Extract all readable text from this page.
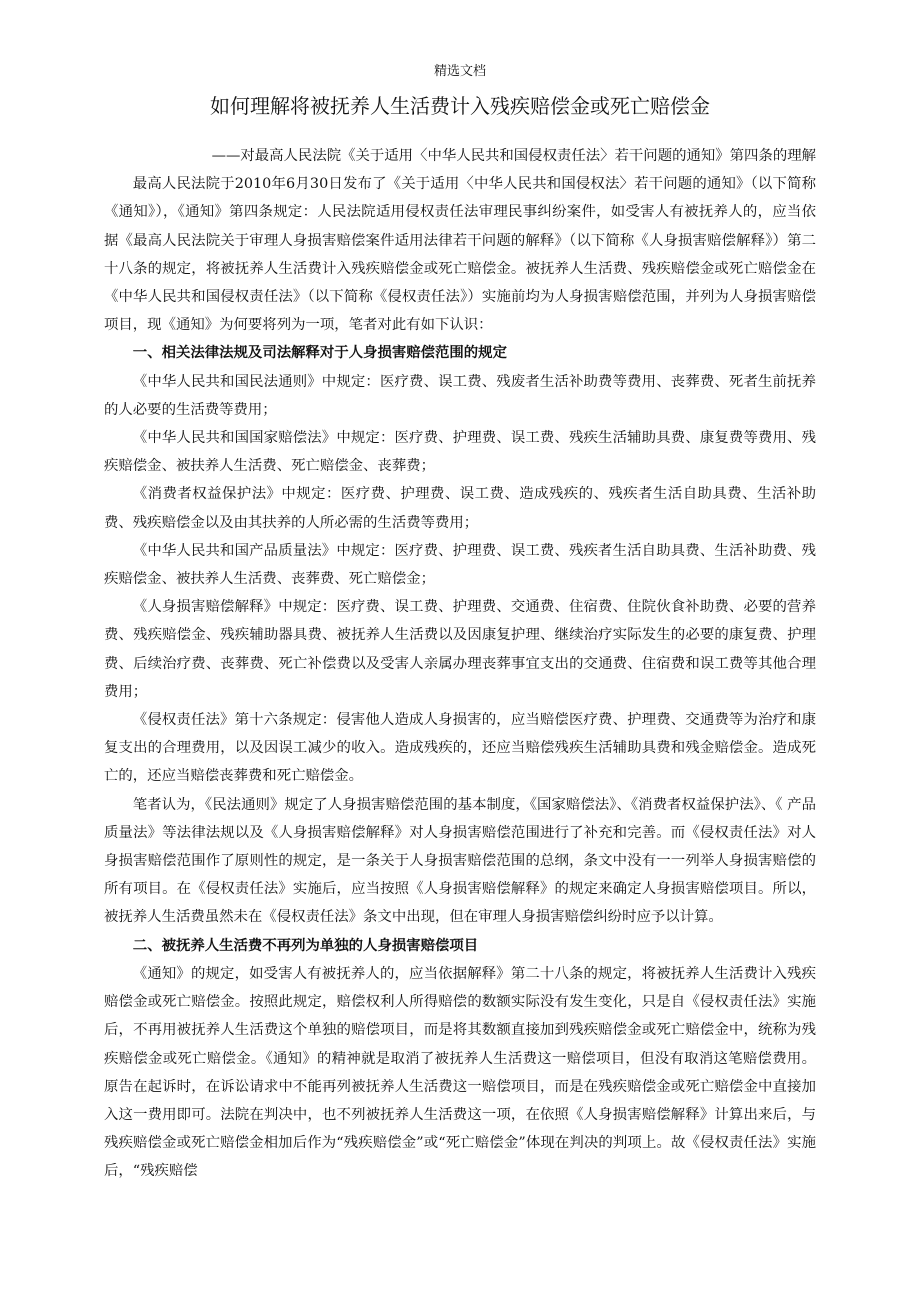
精选文档
如何理解将被抚养人生活费计入残疾赔偿金或死亡赔偿金
——对最高人民法院《关于适用〈中华人民共和国侵权责任法〉若干问题的通知》第四条的理解

最高人民法院于2010年6月30日发布了《关于适用〈中华人民共和国侵权法〉若干问题的通知》（以下简称《通知》），《通知》第四条规定：人民法院适用侵权责任法审理民事纠纷案件，如受害人有被抚养人的，应当依据《最高人民法院关于审理人身损害赔偿案件适用法律若干问题的解释》（以下简称《人身损害赔偿解释》）第二十八条的规定，将被抚养人生活费计入残疾赔偿金或死亡赔偿金。被抚养人生活费、残疾赔偿金或死亡赔偿金在《中华人民共和国侵权责任法》（以下简称《侵权责任法》）实施前均为人身损害赔偿范围，并列为人身损害赔偿项目，现《通知》为何要将列为一项，笔者对此有如下认识：

一、相关法律法规及司法解释对于人身损害赔偿范围的规定

《中华人民共和国民法通则》中规定：医疗费、误工费、残废者生活补助费等费用、丧葬费、死者生前抚养的人必要的生活费等费用；

《中华人民共和国国家赔偿法》中规定：医疗费、护理费、误工费、残疾生活辅助具费、康复费等费用、残疾赔偿金、被扶养人生活费、死亡赔偿金、丧葬费；

《消费者权益保护法》中规定：医疗费、护理费、误工费、造成残疾的、残疾者生活自助具费、生活补助费、残疾赔偿金以及由其扶养的人所必需的生活费等费用；

《中华人民共和国产品质量法》中规定：医疗费、护理费、误工费、残疾者生活自助具费、生活补助费、残疾赔偿金、被扶养人生活费、丧葬费、死亡赔偿金；

《人身损害赔偿解释》中规定：医疗费、误工费、护理费、交通费、住宿费、住院伙食补助费、必要的营养费、残疾赔偿金、残疾辅助器具费、被抚养人生活费以及因康复护理、继续治疗实际发生的必要的康复费、护理费、后续治疗费、丧葬费、死亡补偿费以及受害人亲属办理丧葬事宜支出的交通费、住宿费和误工费等其他合理费用；

《侵权责任法》第十六条规定：侵害他人造成人身损害的，应当赔偿医疗费、护理费、交通费等为治疗和康复支出的合理费用，以及因误工减少的收入。造成残疾的，还应当赔偿残疾生活辅助具费和残金赔偿金。造成死亡的，还应当赔偿丧葬费和死亡赔偿金。

笔者认为，《民法通则》规定了人身损害赔偿范围的基本制度，《国家赔偿法》、《消费者权益保护法》、《 产品质量法》等法律法规以及《人身损害赔偿解释》对人身损害赔偿范围进行了补充和完善。而《侵权责任法》对人身损害赔偿范围作了原则性的规定，是一条关于人身损害赔偿范围的总纲，条文中没有一一列举人身损害赔偿的所有项目。在《侵权责任法》实施后，应当按照《人身损害赔偿解释》的规定来确定人身损害赔偿项目。所以，被抚养人生活费虽然未在《侵权责任法》条文中出现，但在审理人身损害赔偿纠纷时应予以计算。

二、被抚养人生活费不再列为单独的人身损害赔偿项目

《通知》的规定，如受害人有被抚养人的，应当依据解释》第二十八条的规定，将被抚养人生活费计入残疾赔偿金或死亡赔偿金。按照此规定，赔偿权利人所得赔偿的数额实际没有发生变化，只是自《侵权责任法》实施后，不再用被抚养人生活费这个单独的赔偿项目，而是将其数额直接加到残疾赔偿金或死亡赔偿金中，统称为残疾赔偿金或死亡赔偿金。《通知》的精神就是取消了被抚养人生活费这一赔偿项目，但没有取消这笔赔偿费用。原告在起诉时，在诉讼请求中不能再列被抚养人生活费这一赔偿项目，而是在残疾赔偿金或死亡赔偿金中直接加入这一费用即可。法院在判决中，也不列被抚养人生活费这一项，在依照《人身损害赔偿解释》计算出来后，与残疾赔偿金或死亡赔偿金相加后作为“残疾赔偿金”或“死亡赔偿金”体现在判决的判项上。故《侵权责任法》实施后，“残疾赔偿
